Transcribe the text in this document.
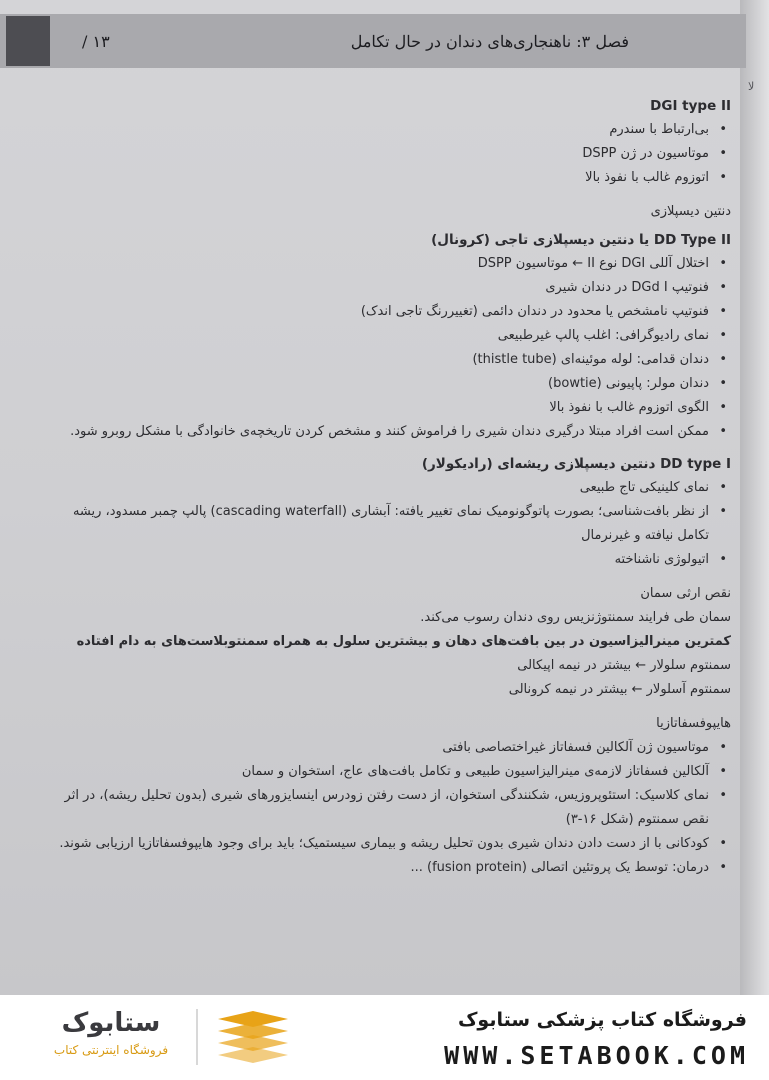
لا
فصل ۳: ناهنجاری‌های دندان در حال تکامل
/ ۱۳
DGI type II
• بی‌ارتباط با سندرم
• موتاسیون در ژن DSPP
• اتوزوم غالب با نفوذ بالا
دنتین دیسپلازی
DD Type II یا دنتین دیسپلازی تاجی (کرونال)
• اختلال آللی DGI نوع II ← موتاسیون DSPP
• فنوتیپ DGd I در دندان شیری
• فنوتیپ نامشخص یا محدود در دندان دائمی (تغییررنگ تاجی اندک)
• نمای رادیوگرافی: اغلب پالپ غیرطبیعی
• دندان قدامی: لوله موئینه‌ای (thistle tube)
• دندان مولر: پاپیونی (bowtie)
• الگوی اتوزوم غالب با نفوذ بالا
• ممکن است افراد مبتلا درگیری دندان شیری را فراموش کنند و مشخص کردن تاریخچه‌ی خانوادگی با مشکل روبرو شود.
DD type I دنتین دیسپلازی ریشه‌ای (رادیکولار)
• نمای کلینیکی تاج طبیعی
• از نظر بافت‌شناسی؛ بصورت پاتوگونومیک نمای تغییر یافته: آبشاری (cascading waterfall) پالپ چمبر مسدود، ریشه تکامل نیافته و غیرنرمال
• اتیولوژی ناشناخته
نقص ارثی سمان
سمان طی فرایند سمنتوژنزیس روی دندان رسوب می‌کند.
کمترین مینرالیزاسیون در بین بافت‌های دهان و بیشترین سلول به همراه سمنتوبلاست‌های به دام افتاده
سمنتوم سلولار ← بیشتر در نیمه اپیکالی
سمنتوم آسلولار ← بیشتر در نیمه کرونالی
هایپوفسفاتازیا
• موتاسیون ژن آلکالین فسفاتاز غیراختصاصی بافتی
• آلکالین فسفاتاز لازمه‌ی مینرالیزاسیون طبیعی و تکامل بافت‌های عاج، استخوان و سمان
• نمای کلاسیک: استئوپروزیس، شکنندگی استخوان، از دست رفتن زودرس اینسایزورهای شیری (بدون تحلیل ریشه)، در اثر نقص سمنتوم (شکل ۱۶-۳)
• کودکانی با از دست دادن دندان شیری بدون تحلیل ریشه و بیماری سیستمیک؛ باید برای وجود هایپوفسفاتازیا ارزیابی شوند.
• درمان: توسط یک پروتئین اتصالی (fusion protein) ...
ستابوک
فروشگاه اینترنتی کتاب
فروشگاه کتاب پزشکی ستابوک
WWW.SETABOOK.COM
